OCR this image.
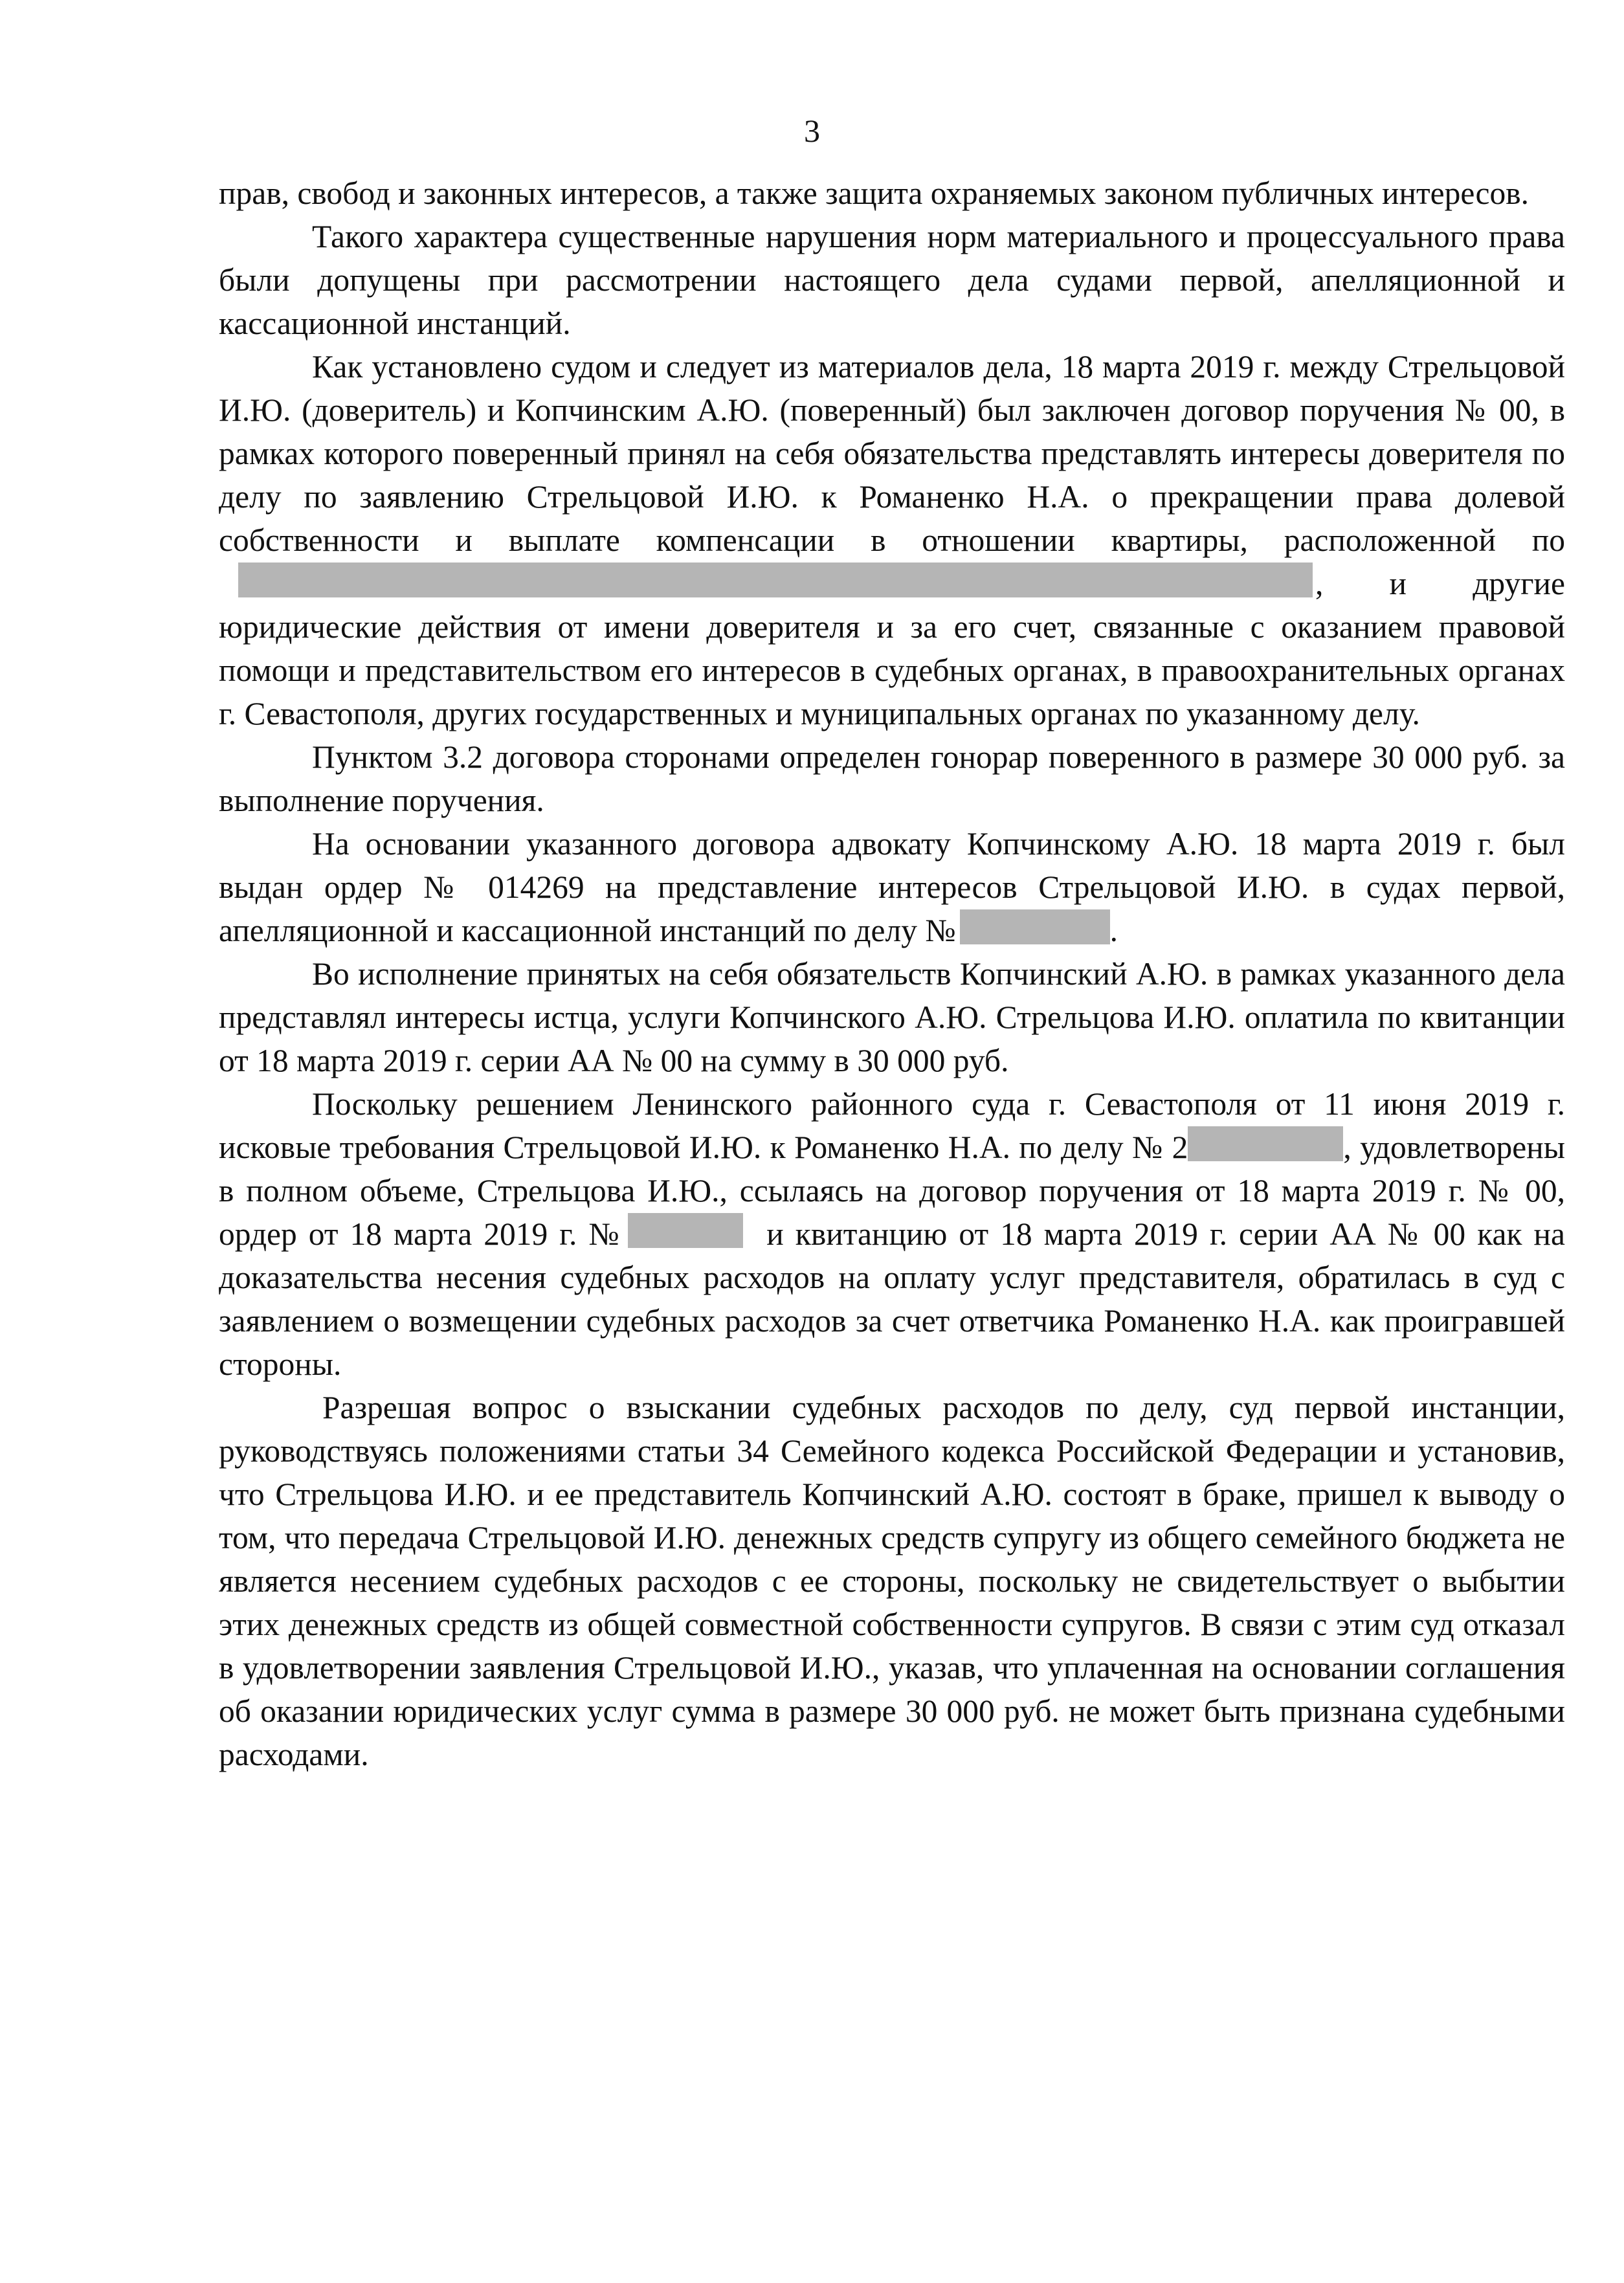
3

прав, свобод и законных интересов, а также защита охраняемых законом публичных интересов.

Такого характера существенные нарушения норм материального и процессуального права были допущены при рассмотрении настоящего дела судами первой, апелляционной и кассационной инстанций.

Как установлено судом и следует из материалов дела, 18 марта 2019 г. между Стрельцовой И.Ю. (доверитель) и Копчинским А.Ю. (поверенный) был заключен договор поручения № 00, в рамках которого поверенный принял на себя обязательства представлять интересы доверителя по делу по заявлению Стрельцовой И.Ю. к Романенко Н.А. о прекращении права долевой собственности и выплате компенсации в отношении квартиры, расположенной по, и другие юридические действия от имени доверителя и за его счет, связанные с оказанием правовой помощи и представительством его интересов в судебных органах, в правоохранительных органах г. Севастополя, других государственных и муниципальных органах по указанному делу.

Пунктом 3.2 договора сторонами определен гонорар поверенного в размере 30 000 руб. за выполнение поручения.

На основании указанного договора адвокату Копчинскому А.Ю. 18 марта 2019 г. был выдан ордер № 014269 на представление интересов Стрельцовой И.Ю. в судах первой, апелляционной и кассационной инстанций по делу №	.

Во исполнение принятых на себя обязательств Копчинский А.Ю. в рамках указанного дела представлял интересы истца, услуги Копчинского А.Ю. Стрельцова И.Ю. оплатила по квитанции от 18 марта 2019 г. серии АА № 00 на сумму в 30 000 руб.

Поскольку решением Ленинского районного суда г. Севастополя от 11 июня 2019 г. исковые требования Стрельцовой И.Ю. к Романенко Н.А. по делу № 2	, удовлетворены в полном объеме, Стрельцова И.Ю., ссылаясь на договор поручения от 18 марта 2019 г. № 00, ордер от 18 марта 2019 г. №	и квитанцию от 18 марта 2019 г. серии АА № 00 как на доказательства несения судебных расходов на оплату услуг представителя, обратилась в суд с заявлением о возмещении судебных расходов за счет ответчика Романенко Н.А. как проигравшей стороны.

Разрешая вопрос о взыскании судебных расходов по делу, суд первой инстанции, руководствуясь положениями статьи 34 Семейного кодекса Российской Федерации и установив, что Стрельцова И.Ю. и ее представитель Копчинский А.Ю. состоят в браке, пришел к выводу о том, что передача Стрельцовой И.Ю. денежных средств супругу из общего семейного бюджета не является несением судебных расходов с ее стороны, поскольку не свидетельствует о выбытии этих денежных средств из общей совместной собственности супругов. В связи с этим суд отказал в удовлетворении заявления Стрельцовой И.Ю., указав, что уплаченная на основании соглашения об оказании юридических услуг сумма в размере 30 000 руб. не может быть признана судебными расходами.
